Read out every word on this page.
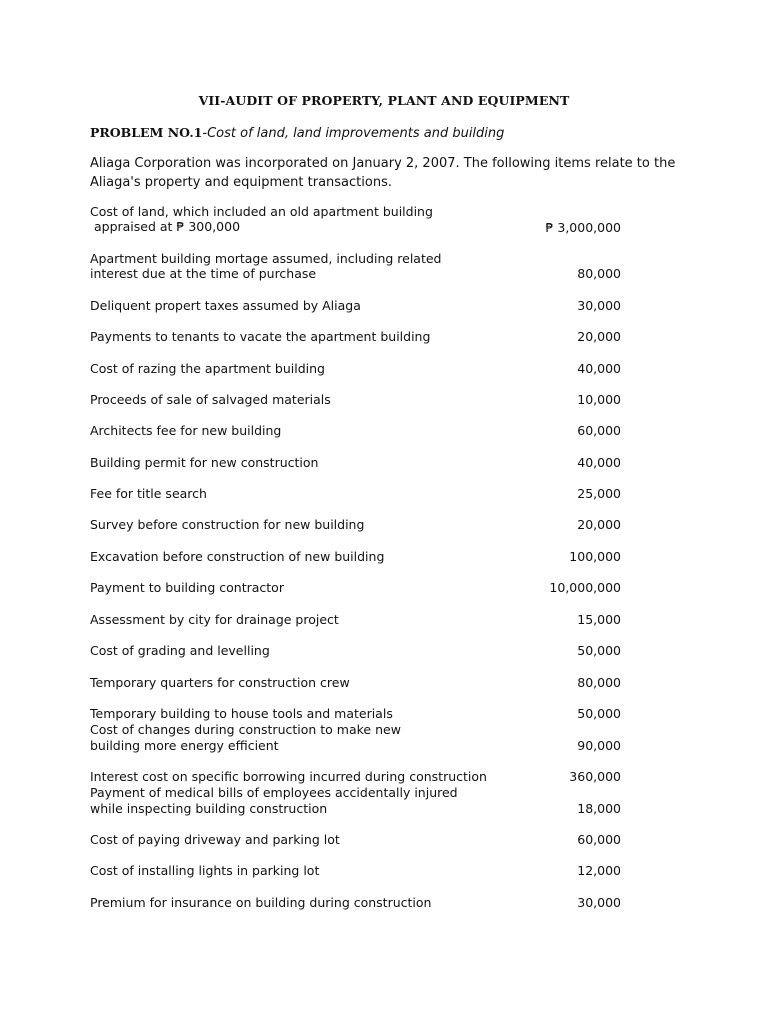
VII-AUDIT OF PROPERTY, PLANT AND EQUIPMENT
PROBLEM NO.1-Cost of land, land improvements and building
Aliaga Corporation was incorporated on January 2, 2007. The following items relate to the
Aliaga's property and equipment transactions.
Cost of land, which included an old apartment building
appraised at ₱ 300,000	₱ 3,000,000
Apartment building mortage assumed, including related
interest due at the time of purchase	80,000
Deliquent propert taxes assumed by Aliaga	30,000
Payments to tenants to vacate the apartment building	20,000
Cost of razing the apartment building	40,000
Proceeds of sale of salvaged materials	10,000
Architects fee for new building	60,000
Building permit for new construction	40,000
Fee for title search	25,000
Survey before construction for new building	20,000
Excavation before construction of new building	100,000
Payment to building contractor	10,000,000
Assessment by city for drainage project	15,000
Cost of grading and levelling	50,000
Temporary quarters for construction crew	80,000
Temporary building to house tools and materials	50,000
Cost of changes during construction to make new
building more energy efficient	90,000
Interest cost on specific borrowing incurred during construction	360,000
Payment of medical bills of employees accidentally injured
while inspecting building construction	18,000
Cost of paying driveway and parking lot	60,000
Cost of installing lights in parking lot	12,000
Premium for insurance on building during construction	30,000
